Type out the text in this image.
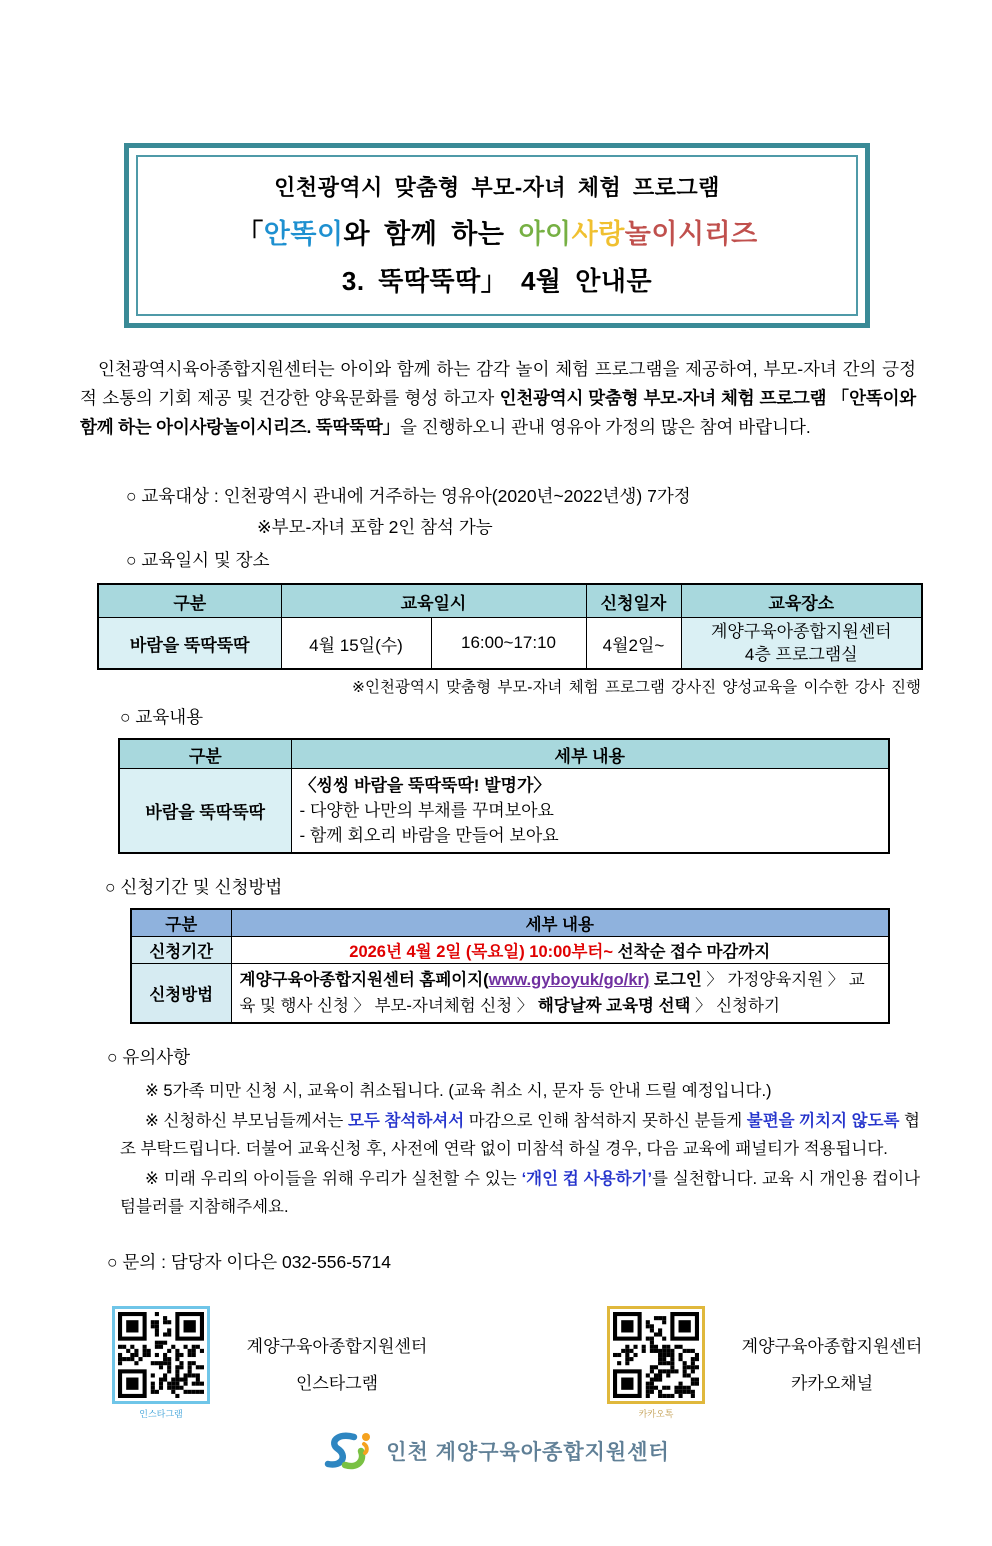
인천광역시 맞춤형 부모-자녀 체험 프로그램
「안똑이와 함께 하는 아이사랑놀이시리즈
3. 뚝딱뚝딱」 4월 안내문

인천광역시육아종합지원센터는 아이와 함께 하는 감각 놀이 체험 프로그램을 제공하여, 부모-자녀 간의 긍정적 소통의 기회 제공 및 건강한 양육문화를 형성 하고자 인천광역시 맞춤형 부모-자녀 체험 프로그램 「안똑이와 함께 하는 아이사랑놀이시리즈. 뚝딱뚝딱」을 진행하오니 관내 영유아 가정의 많은 참여 바랍니다.

○ 교육대상 : 인천광역시 관내에 거주하는 영유아(2020년~2022년생) 7가정
※부모-자녀 포함 2인 참석 가능
○ 교육일시 및 장소
구분	교육일시		신청일자	교육장소
바람을 뚝딱뚝딱	4월 15일(수)	16:00~17:10	4월2일~	계양구육아종합지원센터
4층 프로그램실
※인천광역시 맞춤형 부모-자녀 체험 프로그램 강사진 양성교육을 이수한 강사 진행
○ 교육내용
구분	세부 내용
바람을 뚝딱뚝딱	〈씽씽 바람을 뚝딱뚝딱! 발명가〉
- 다양한 나만의 부채를 꾸며보아요
- 함께 회오리 바람을 만들어 보아요
○ 신청기간 및 신청방법
구분	세부 내용
신청기간	2026년 4월 2일 (목요일) 10:00부터~ 선착순 접수 마감까지
신청방법	계양구육아종합지원센터 홈페이지(www.gyboyuk/go/kr) 로그인 〉 가정양육지원 〉 교육 및 행사 신청 〉 부모-자녀체험 신청 〉 해당날짜 교육명 선택 〉 신청하기
○ 유의사항

※ 5가족 미만 신청 시, 교육이 취소됩니다. (교육 취소 시, 문자 등 안내 드릴 예정입니다.)

※ 신청하신 부모님들께서는 모두 참석하셔서 마감으로 인해 참석하지 못하신 분들게 불편을 끼치지 않도록 협조 부탁드립니다. 더불어 교육신청 후, 사전에 연락 없이 미참석 하실 경우, 다음 교육에 패널티가 적용됩니다.

※ 미래 우리의 아이들을 위해 우리가 실천할 수 있는 ‘개인 컵 사용하기’를 실천합니다. 교육 시 개인용 컵이나 텀블러를 지참해주세요.

○ 문의 : 담당자 이다은 032-556-5714
인스타그램
계양구육아종합지원센터
인스타그램
카카오톡
계양구육아종합지원센터
카카오채널
인천 계양구육아종합지원센터
